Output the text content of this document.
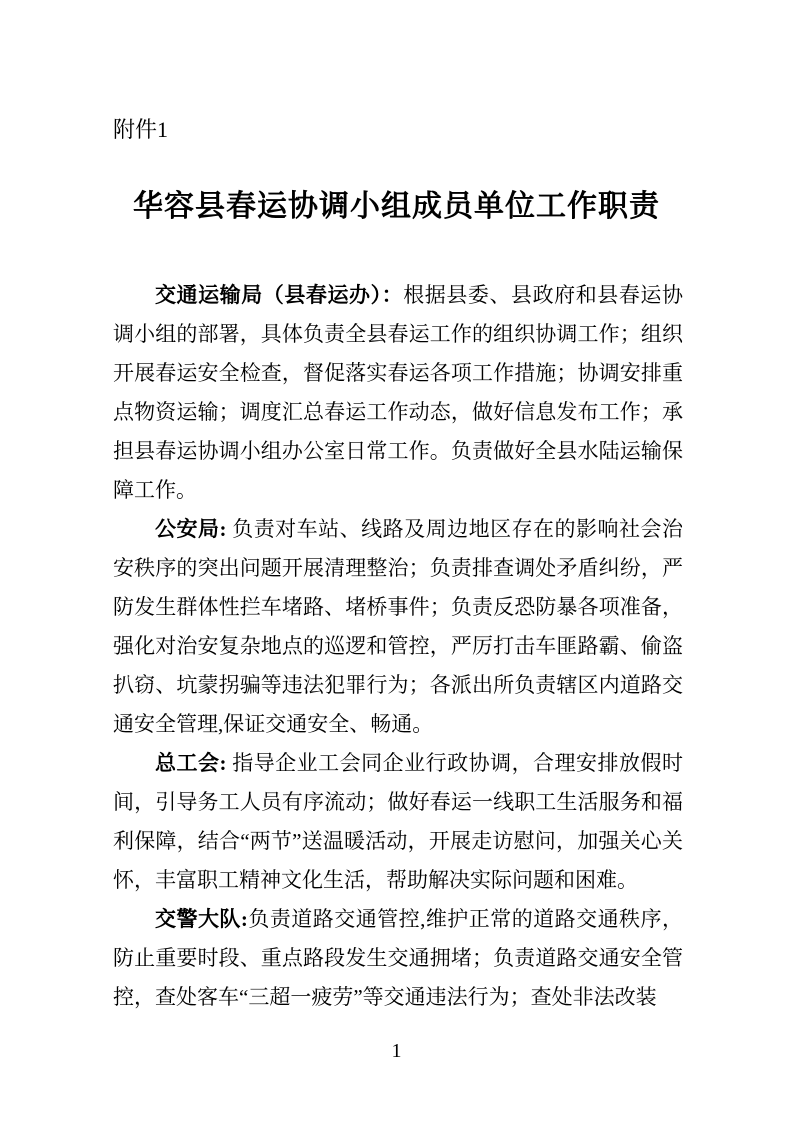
附件1
华容县春运协调小组成员单位工作职责

交通运输局（县春运办）：根据县委、县政府和县春运协调小组的部署，具体负责全县春运工作的组织协调工作；组织开展春运安全检查，督促落实春运各项工作措施；协调安排重点物资运输；调度汇总春运工作动态，做好信息发布工作；承担县春运协调小组办公室日常工作。负责做好全县水陆运输保障工作。

公安局: 负责对车站、线路及周边地区存在的影响社会治安秩序的突出问题开展清理整治；负责排查调处矛盾纠纷，严防发生群体性拦车堵路、堵桥事件；负责反恐防暴各项准备，强化对治安复杂地点的巡逻和管控，严厉打击车匪路霸、偷盗扒窃、坑蒙拐骗等违法犯罪行为；各派出所负责辖区内道路交通安全管理,保证交通安全、畅通。

总工会: 指导企业工会同企业行政协调，合理安排放假时间，引导务工人员有序流动；做好春运一线职工生活服务和福利保障，结合“两节”送温暖活动，开展走访慰问，加强关心关怀，丰富职工精神文化生活，帮助解决实际问题和困难。

交警大队:负责道路交通管控,维护正常的道路交通秩序，防止重要时段、重点路段发生交通拥堵；负责道路交通安全管控，查处客车“三超一疲劳”等交通违法行为；查处非法改装

1
